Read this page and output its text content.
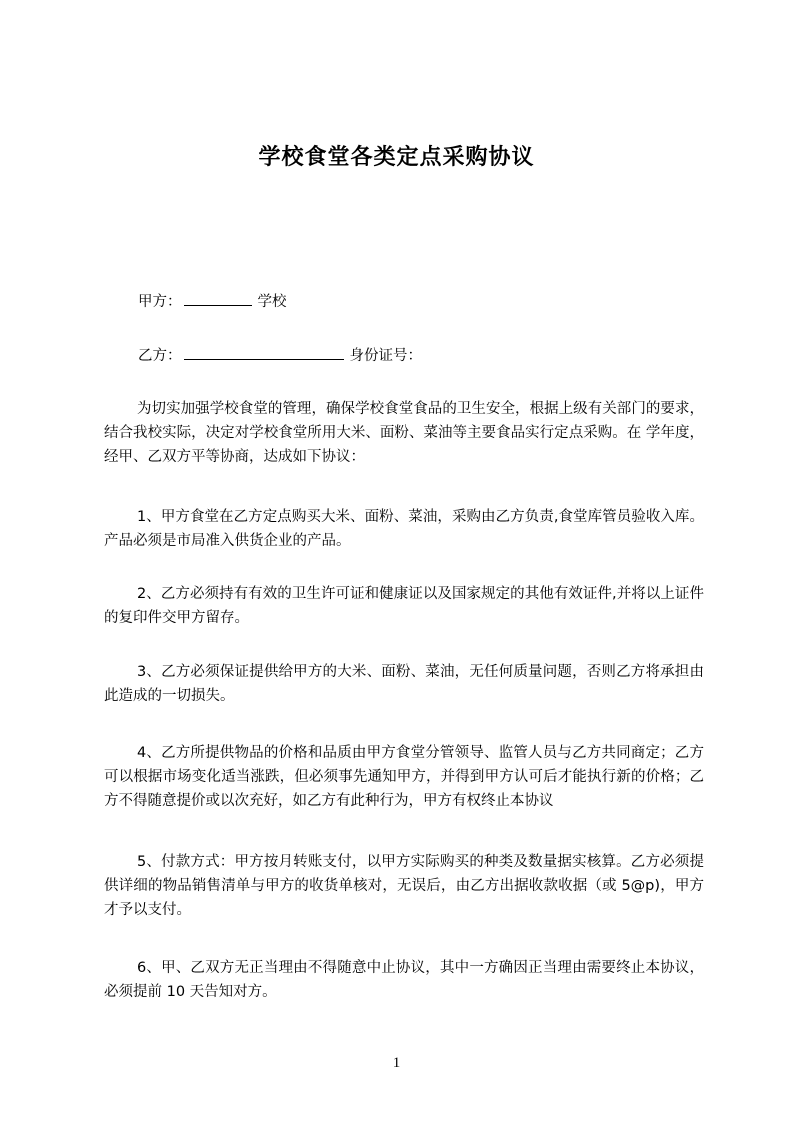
学校食堂各类定点采购协议

甲方：	学校

乙方：	身份证号：

为切实加强学校食堂的管理，确保学校食堂食品的卫生安全，根据上级有关部门的要求，结合我校实际，决定对学校食堂所用大米、面粉、菜油等主要食品实行定点采购。在 学年度，经甲、乙双方平等协商，达成如下协议：

1、甲方食堂在乙方定点购买大米、面粉、菜油，采购由乙方负责,食堂库管员验收入库。产品必须是市局准入供货企业的产品。

2、乙方必须持有有效的卫生许可证和健康证以及国家规定的其他有效证件,并将以上证件的复印件交甲方留存。

3、乙方必须保证提供给甲方的大米、面粉、菜油，无任何质量问题，否则乙方将承担由此造成的一切损失。

4、乙方所提供物品的价格和品质由甲方食堂分管领导、监管人员与乙方共同商定；乙方可以根据市场变化适当涨跌，但必须事先通知甲方，并得到甲方认可后才能执行新的价格；乙方不得随意提价或以次充好，如乙方有此种行为，甲方有权终止本协议

5、付款方式：甲方按月转账支付，以甲方实际购买的种类及数量据实核算。乙方必须提供详细的物品销售清单与甲方的收货单核对，无误后，由乙方出据收款收据（或 5@p)，甲方才予以支付。

6、甲、乙双方无正当理由不得随意中止协议，其中一方确因正当理由需要终止本协议，必须提前 10 天告知对方。

1
